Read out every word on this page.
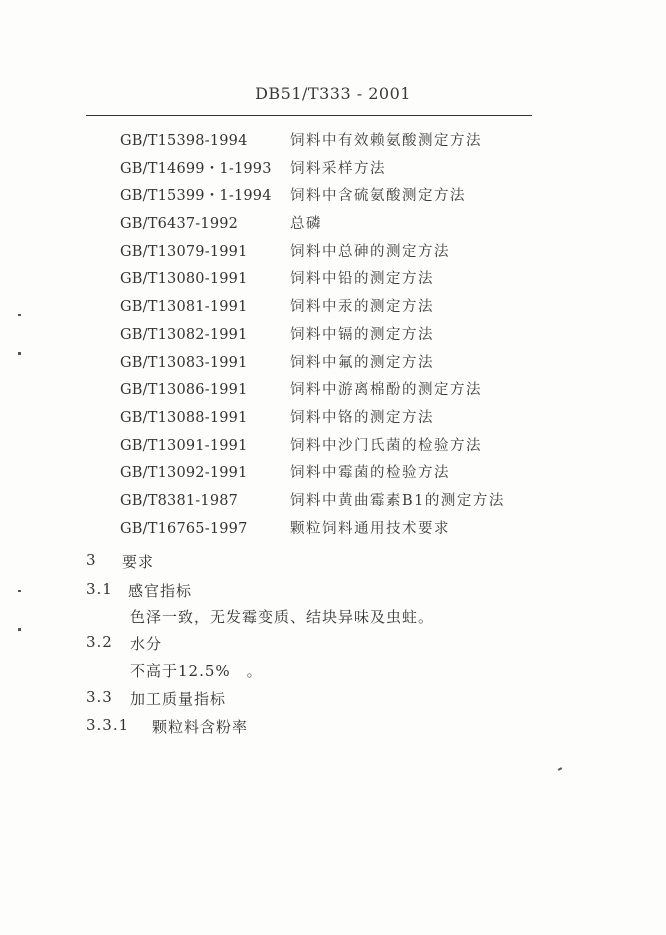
DB51/T333 - 2001
GB/T15398-1994	饲料中有效赖氨酸测定方法
GB/T14699・1-1993 饲料采样方法
GB/T15399・1-1994 饲料中含硫氨酸测定方法
GB/T6437-1992	总磷
GB/T13079-1991	饲料中总砷的测定方法
GB/T13080-1991	饲料中铅的测定方法
GB/T13081-1991	饲料中汞的测定方法
GB/T13082-1991	饲料中镉的测定方法
GB/T13083-1991	饲料中氟的测定方法
GB/T13086-1991	饲料中游离棉酚的测定方法
GB/T13088-1991	饲料中铬的测定方法
GB/T13091-1991	饲料中沙门氏菌的检验方法
GB/T13092-1991	饲料中霉菌的检验方法
GB/T8381-1987	饲料中黄曲霉素B1的测定方法
GB/T16765-1997	颗粒饲料通用技术要求
3 要求
3.1 感官指标
色泽一致，无发霉变质、结块异味及虫蛀。
3.2 水分
不高于12.5%　。
3.3 加工质量指标
3.3.1 颗粒料含粉率
